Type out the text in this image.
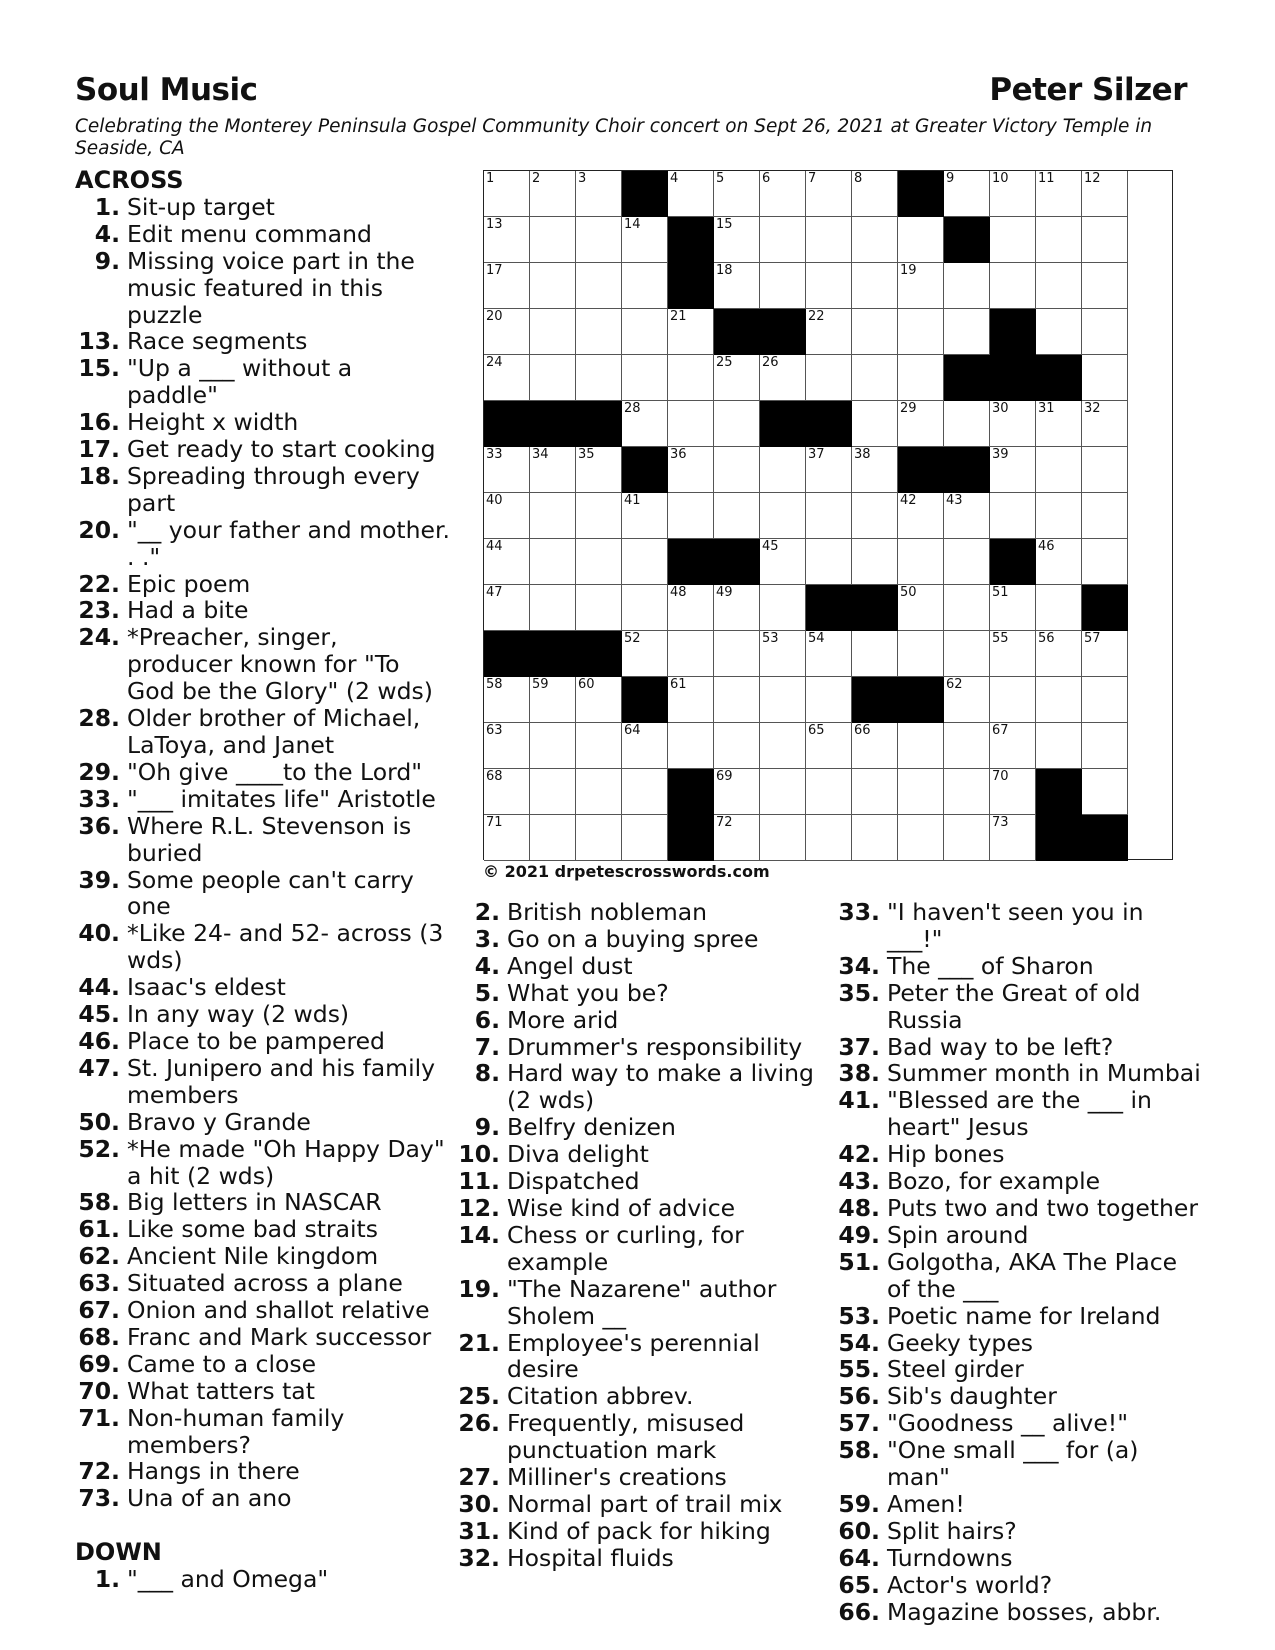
Soul Music	Peter Silzer
Celebrating the Monterey Peninsula Gospel Community Choir concert on Sept 26, 2021 at Greater Victory Temple in Seaside, CA
ACROSS
1. Sit-up target
4. Edit menu command
9. Missing voice part in the music featured in this puzzle
13. Race segments
15. "Up a ___ without a paddle"
16. Height x width
17. Get ready to start cooking
18. Spreading through every part
20. "__ your father and mother. . ."
22. Epic poem
23. Had a bite
24. *Preacher, singer, producer known for "To God be the Glory" (2 wds)
28. Older brother of Michael, LaToya, and Janet
29. "Oh give ____to the Lord"
33. "___ imitates life" Aristotle
36. Where R.L. Stevenson is buried
39. Some people can't carry one
40. *Like 24- and 52- across (3 wds)
44. Isaac's eldest
45. In any way (2 wds)
46. Place to be pampered
47. St. Junipero and his family members
50. Bravo y Grande
52. *He made "Oh Happy Day" a hit (2 wds)
58. Big letters in NASCAR
61. Like some bad straits
62. Ancient Nile kingdom
63. Situated across a plane
67. Onion and shallot relative
68. Franc and Mark successor
69. Came to a close
70. What tatters tat
71. Non-human family members?
72. Hangs in there
73. Una of an ano
DOWN
1. "___ and Omega"
1	2	3	4	5	6	7	8	9	10 11 12
13	14	15
17	18	19
20	21	22
24	25 26
28	29	30 31 32
33 34 35	36	37 38	39
40	41	42 43
44	45	46
47	48 49	50	51
52	53 54	55 56 57
58 59 60	61	62
63	64	65 66	67
68	69	70
71	72	73
© 2021 drpetescrosswords.com
2. British nobleman
3. Go on a buying spree
4. Angel dust
5. What you be?
6. More arid
7. Drummer's responsibility
8. Hard way to make a living (2 wds)
9. Belfry denizen
10. Diva delight
11. Dispatched
12. Wise kind of advice
14. Chess or curling, for example
19. "The Nazarene" author Sholem __
21. Employee's perennial desire
25. Citation abbrev.
26. Frequently, misused punctuation mark
27. Milliner's creations
30. Normal part of trail mix
31. Kind of pack for hiking
32. Hospital fluids
33. "I haven't seen you in ___!"
34. The ___ of Sharon
35. Peter the Great of old Russia
37. Bad way to be left?
38. Summer month in Mumbai
41. "Blessed are the ___ in heart" Jesus
42. Hip bones
43. Bozo, for example
48. Puts two and two together
49. Spin around
51. Golgotha, AKA The Place of the ___
53. Poetic name for Ireland
54. Geeky types
55. Steel girder
56. Sib's daughter
57. "Goodness __ alive!"
58. "One small ___ for (a) man"
59. Amen!
60. Split hairs?
64. Turndowns
65. Actor's world?
66. Magazine bosses, abbr.
